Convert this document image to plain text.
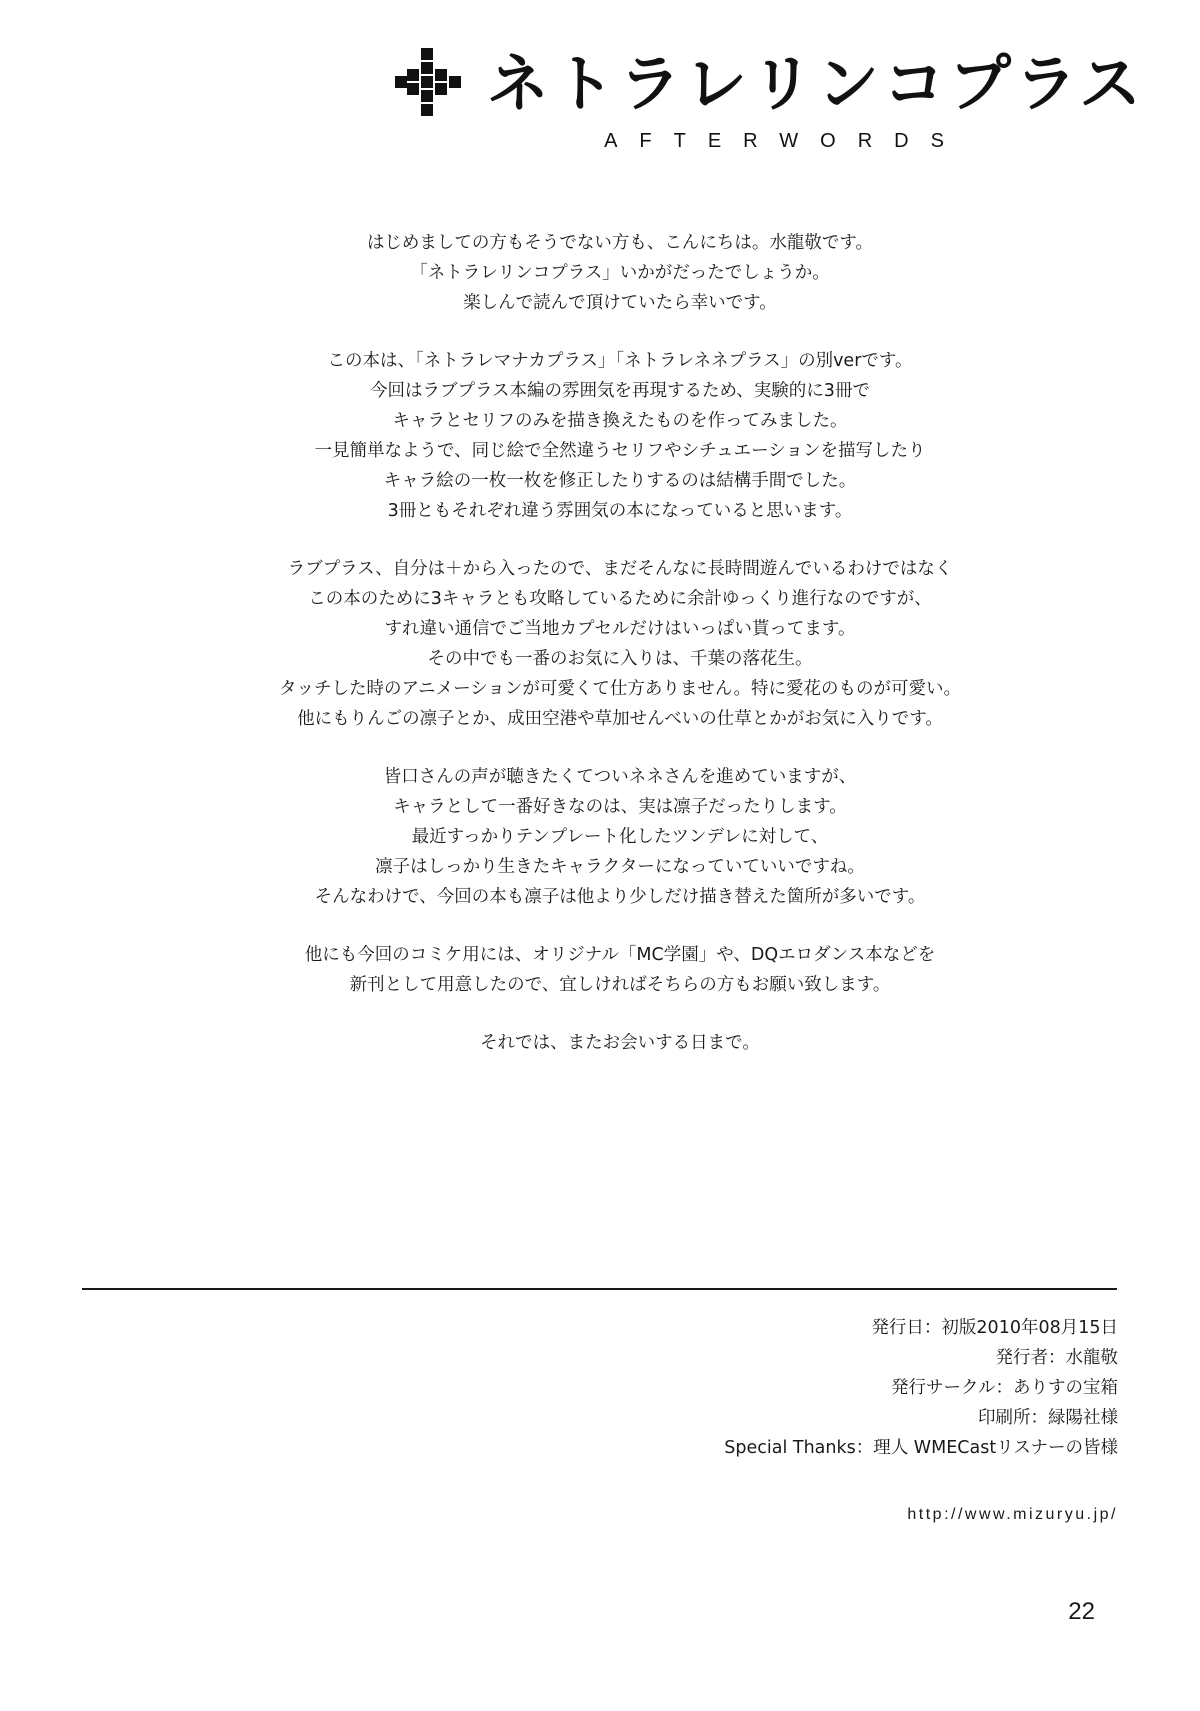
ネトラレリンコプラス
AFTERWORDS

はじめましての方もそうでない方も、こんにちは。水龍敬です。
「ネトラレリンコプラス」いかがだったでしょうか。
楽しんで読んで頂けていたら幸いです。

この本は、「ネトラレマナカプラス」「ネトラレネネプラス」の別verです。
今回はラブプラス本編の雰囲気を再現するため、実験的に3冊で
キャラとセリフのみを描き換えたものを作ってみました。
一見簡単なようで、同じ絵で全然違うセリフやシチュエーションを描写したり
キャラ絵の一枚一枚を修正したりするのは結構手間でした。
3冊ともそれぞれ違う雰囲気の本になっていると思います。

ラブプラス、自分は＋から入ったので、まだそんなに長時間遊んでいるわけではなく
この本のために3キャラとも攻略しているために余計ゆっくり進行なのですが、
すれ違い通信でご当地カプセルだけはいっぱい貰ってます。
その中でも一番のお気に入りは、千葉の落花生。
タッチした時のアニメーションが可愛くて仕方ありません。特に愛花のものが可愛い。
他にもりんごの凛子とか、成田空港や草加せんべいの仕草とかがお気に入りです。

皆口さんの声が聴きたくてついネネさんを進めていますが、
キャラとして一番好きなのは、実は凛子だったりします。
最近すっかりテンプレート化したツンデレに対して、
凛子はしっかり生きたキャラクターになっていていいですね。
そんなわけで、今回の本も凛子は他より少しだけ描き替えた箇所が多いです。

他にも今回のコミケ用には、オリジナル「MC学園」や、DQエロダンス本などを
新刊として用意したので、宜しければそちらの方もお願い致します。

それでは、またお会いする日まで。

発行日：初版2010年08月15日
発行者：水龍敬
発行サークル：ありすの宝箱
印刷所：緑陽社様
Special Thanks：理人 WMECastリスナーの皆様
http://www.mizuryu.jp/
22
